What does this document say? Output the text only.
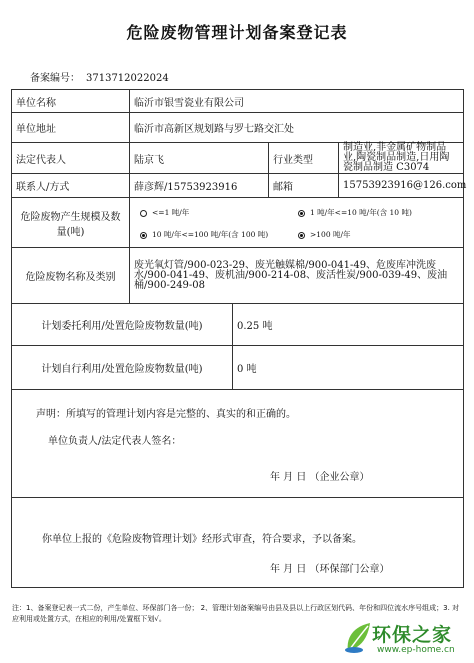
危险废物管理计划备案登记表
备案编号： 3713712022024
单位名称	临沂市银雪瓷业有限公司			
单位地址	临沂市高新区规划路与罗七路交汇处			
法定代表人	陆京飞		行业类型	制造业,非金属矿物制品业,陶瓷制品制造,日用陶瓷制品制造 C3074
联系人/方式	薛彦辉/15753923916		邮箱	15753923916@126.com
危险废物产生规模及数量(吨)	<=1 吨/年 1 吨/年<=10 吨/年(含 10 吨)
10 吨/年<=100 吨/年(含 100 吨) >100 吨/年			

危险废物名称及类别	废光氧灯管/900-023-29、废光触媒棉/900-041-49、危废库冲洗废水/900-041-49、废机油/900-214-08、废活性炭/900-039-49、废油桶/900-249-08			
计划委托利用/处置危险废物数量(吨)		0.25 吨		
计划自行利用/处置危险废物数量(吨)		0 吨		

声明：所填写的管理计划内容是完整的、真实的和正确的。
单位负责人/法定代表人签名：
年 月 日 （企业公章）				

你单位上报的《危险废物管理计划》经形式审查，符合要求，予以备案。
年 月 日 （环保部门公章）				
注：1、备案登记表一式二份，产生单位、环保部门各一份； 2、管理计划备案编号由县及县以上行政区划代码、年份和四位流水序号组成；3. 对应利用或处置方式，在相应的利用/处置框下划√。
环保之家
www.ep-home.cn
